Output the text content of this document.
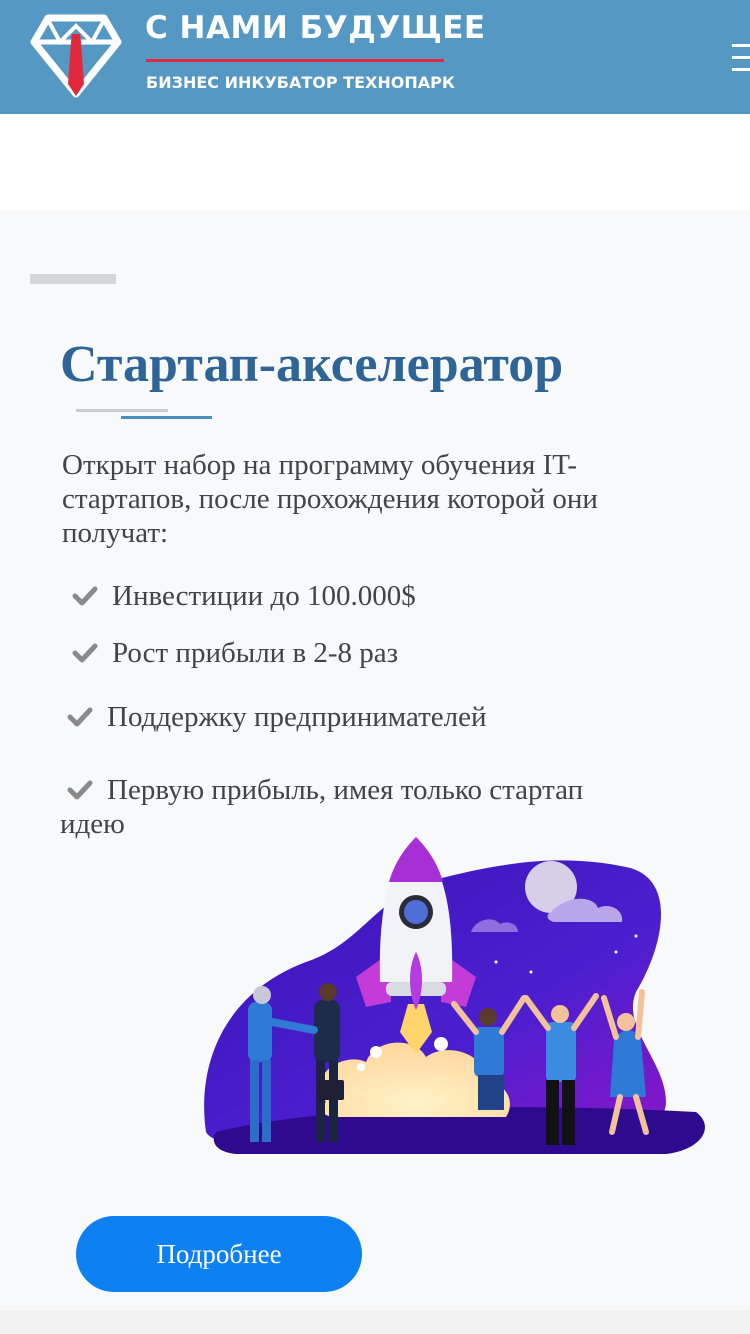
С НАМИ БУДУЩЕЕ
БИЗНЕС ИНКУБАТОР ТЕХНОПАРК
Стартап-акселератор

Открыт набор на программу обучения IT-стартапов, после прохождения которой они получат:

Инвестиции до 100.000$
Рост прибыли в 2-8 раз
Поддержку предпринимателей
Первую прибыль, имея только стартап идею
Подробнее
